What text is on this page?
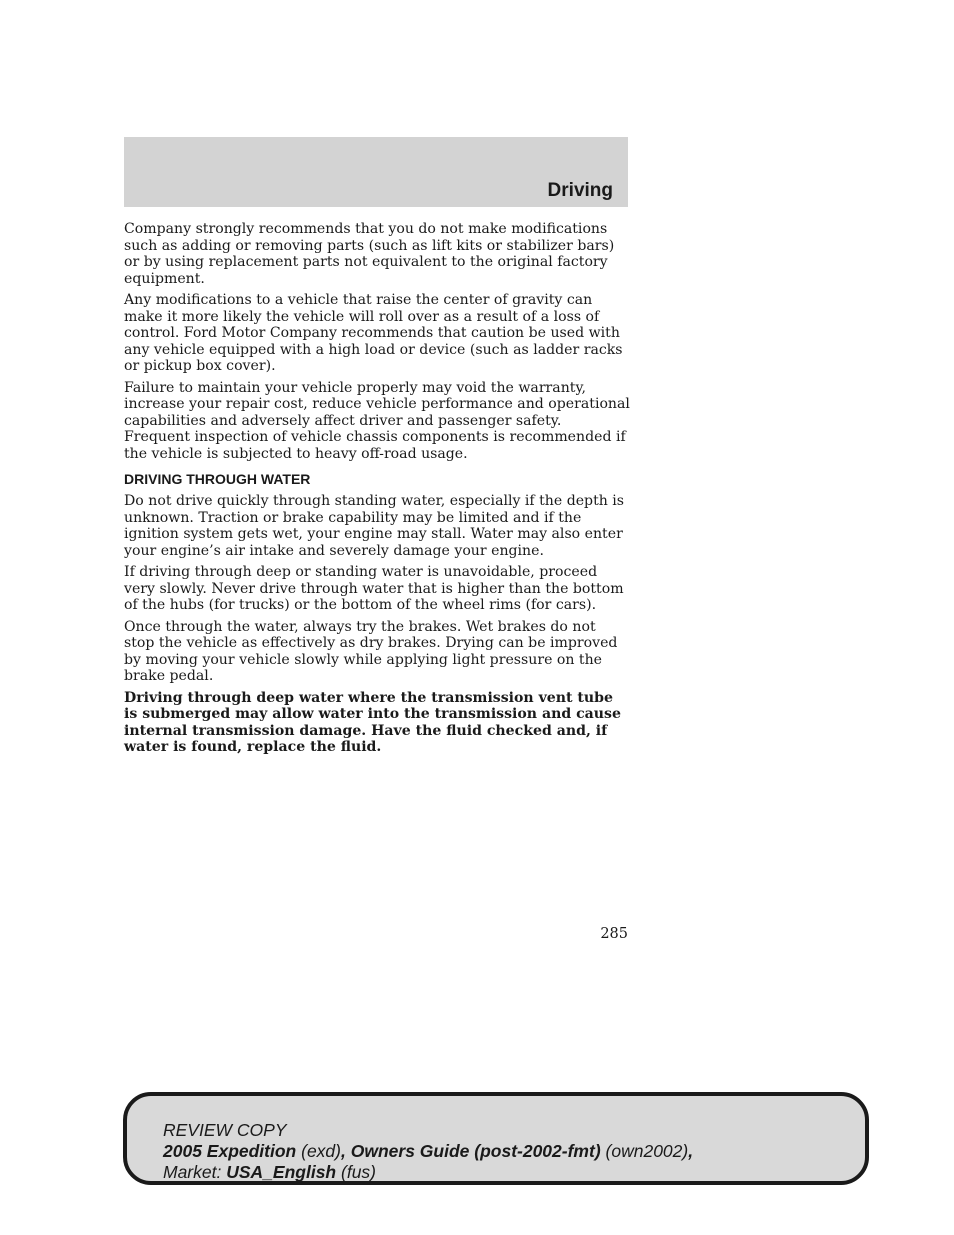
Driving

Company strongly recommends that you do not make modifications such as adding or removing parts (such as lift kits or stabilizer bars) or by using replacement parts not equivalent to the original factory equipment.

Any modifications to a vehicle that raise the center of gravity can make it more likely the vehicle will roll over as a result of a loss of control. Ford Motor Company recommends that caution be used with any vehicle equipped with a high load or device (such as ladder racks or pickup box cover).

Failure to maintain your vehicle properly may void the warranty, increase your repair cost, reduce vehicle performance and operational capabilities and adversely affect driver and passenger safety. Frequent inspection of vehicle chassis components is recommended if the vehicle is subjected to heavy off-road usage.

DRIVING THROUGH WATER

Do not drive quickly through standing water, especially if the depth is unknown. Traction or brake capability may be limited and if the ignition system gets wet, your engine may stall. Water may also enter your engine’s air intake and severely damage your engine.

If driving through deep or standing water is unavoidable, proceed very slowly. Never drive through water that is higher than the bottom of the hubs (for trucks) or the bottom of the wheel rims (for cars).

Once through the water, always try the brakes. Wet brakes do not stop the vehicle as effectively as dry brakes. Drying can be improved by moving your vehicle slowly while applying light pressure on the brake pedal.

Driving through deep water where the transmission vent tube is submerged may allow water into the transmission and cause internal transmission damage. Have the fluid checked and, if water is found, replace the fluid.

285
REVIEW COPY
2005 Expedition (exd), Owners Guide (post-2002-fmt) (own2002),
Market: USA_English (fus)
